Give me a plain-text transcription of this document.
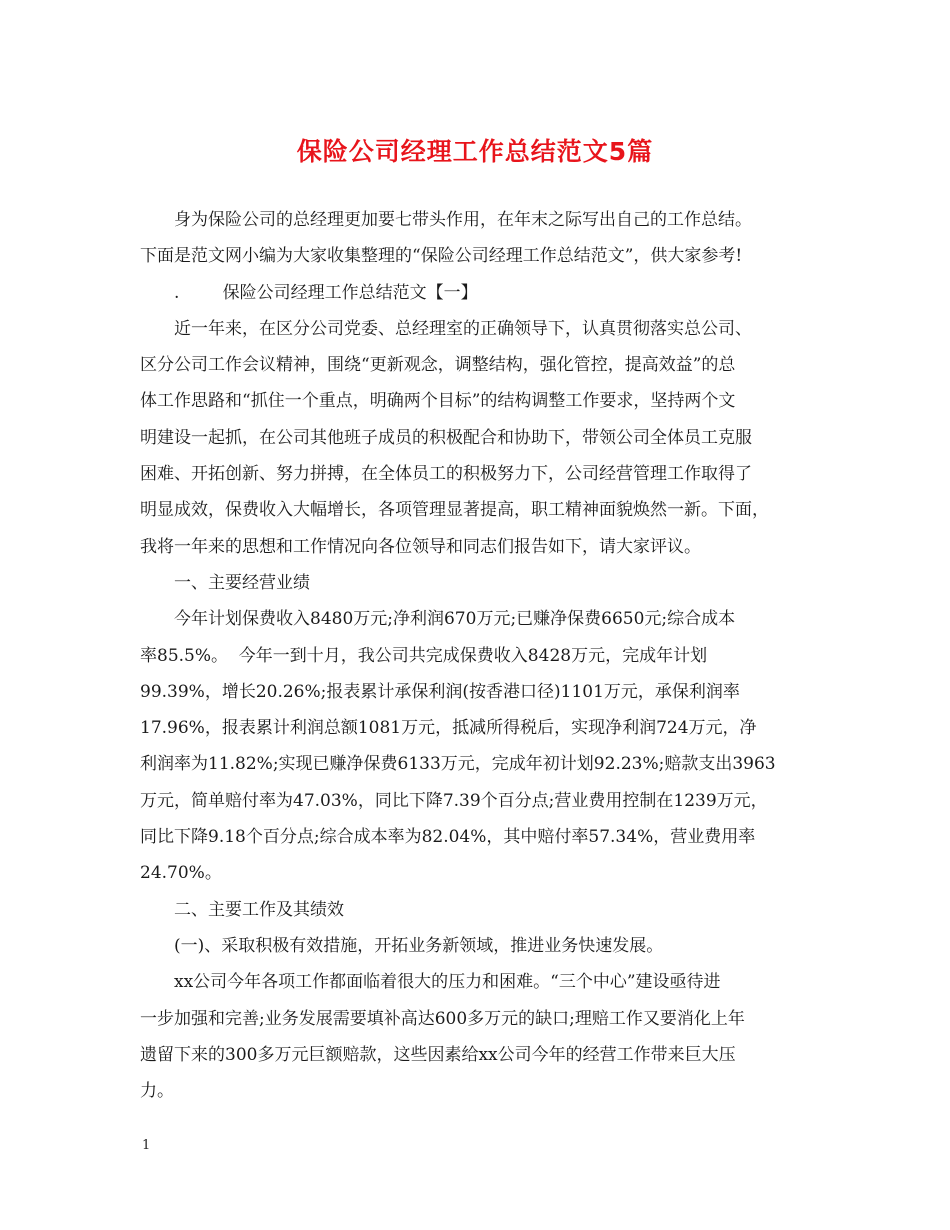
保险公司经理工作总结范文5篇
身为保险公司的总经理更加要七带头作用，在年末之际写出自己的工作总结。
下面是范文网小编为大家收集整理的“保险公司经理工作总结范文”，供大家参考!
.        保险公司经理工作总结范文【一】
近一年来，在区分公司党委、总经理室的正确领导下，认真贯彻落实总公司、
区分公司工作会议精神，围绕“更新观念，调整结构，强化管控，提高效益”的总
体工作思路和“抓住一个重点，明确两个目标”的结构调整工作要求，坚持两个文
明建设一起抓，在公司其他班子成员的积极配合和协助下，带领公司全体员工克服
困难、开拓创新、努力拼搏，在全体员工的积极努力下，公司经营管理工作取得了
明显成效，保费收入大幅增长，各项管理显著提高，职工精神面貌焕然一新。下面，
我将一年来的思想和工作情况向各位领导和同志们报告如下，请大家评议。
一、主要经营业绩
今年计划保费收入8480万元;净利润670万元;已赚净保费6650元;综合成本
率85.5%。  今年一到十月，我公司共完成保费收入8428万元，完成年计划
99.39%，增长20.26%;报表累计承保利润(按香港口径)1101万元，承保利润率
17.96%，报表累计利润总额1081万元，抵减所得税后，实现净利润724万元，净
利润率为11.82%;实现已赚净保费6133万元，完成年初计划92.23%;赔款支出3963
万元，简单赔付率为47.03%，同比下降7.39个百分点;营业费用控制在1239万元，
同比下降9.18个百分点;综合成本率为82.04%，其中赔付率57.34%，营业费用率
24.70%。
二、主要工作及其绩效
(一)、采取积极有效措施，开拓业务新领域，推进业务快速发展。
xx公司今年各项工作都面临着很大的压力和困难。“三个中心”建设亟待进
一步加强和完善;业务发展需要填补高达600多万元的缺口;理赔工作又要消化上年
遗留下来的300多万元巨额赔款，这些因素给xx公司今年的经营工作带来巨大压
力。
1
